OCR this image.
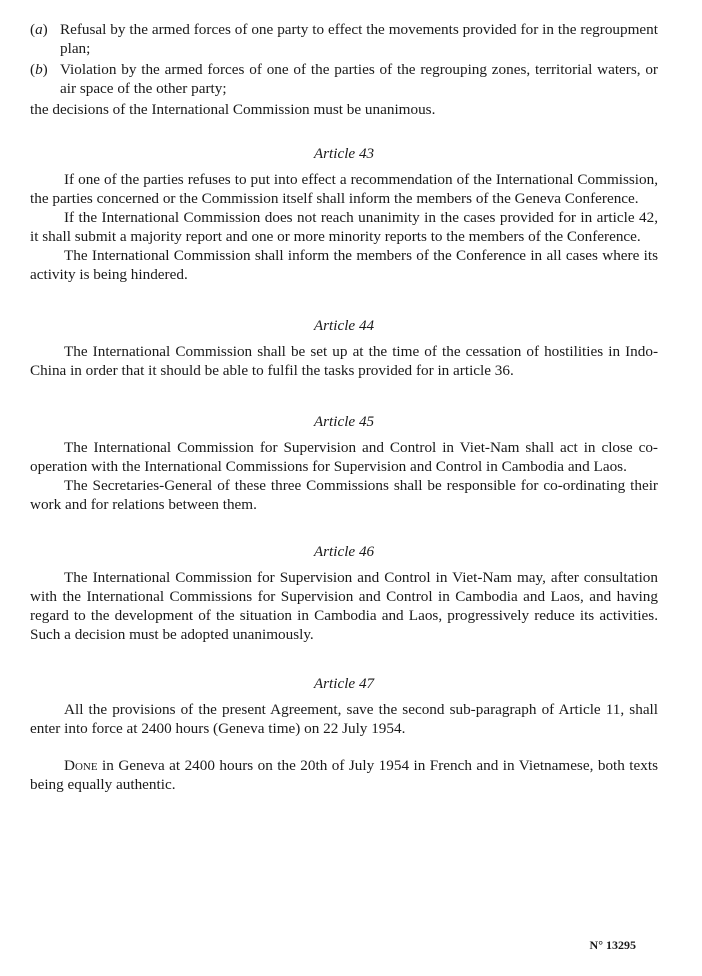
(a) Refusal by the armed forces of one party to effect the movements provided for in the regroupment plan;
(b) Violation by the armed forces of one of the parties of the regrouping zones, territorial waters, or air space of the other party;

the decisions of the International Commission must be unanimous.

Article 43

If one of the parties refuses to put into effect a recommendation of the International Commission, the parties concerned or the Commission itself shall inform the members of the Geneva Conference.

If the International Commission does not reach unanimity in the cases provided for in article 42, it shall submit a majority report and one or more minority reports to the members of the Conference.

The International Commission shall inform the members of the Conference in all cases where its activity is being hindered.

Article 44

The International Commission shall be set up at the time of the cessation of hostilities in Indo-China in order that it should be able to fulfil the tasks provided for in article 36.

Article 45

The International Commission for Supervision and Control in Viet-Nam shall act in close co-operation with the International Commissions for Supervision and Control in Cambodia and Laos.

The Secretaries-General of these three Commissions shall be responsible for co-ordinating their work and for relations between them.

Article 46

The International Commission for Supervision and Control in Viet-Nam may, after consultation with the International Commissions for Supervision and Control in Cambodia and Laos, and having regard to the development of the situation in Cambodia and Laos, progressively reduce its activities. Such a decision must be adopted unanimously.

Article 47

All the provisions of the present Agreement, save the second sub-paragraph of Article 11, shall enter into force at 2400 hours (Geneva time) on 22 July 1954.

Done in Geneva at 2400 hours on the 20th of July 1954 in French and in Vietnamese, both texts being equally authentic.

N° 13295
